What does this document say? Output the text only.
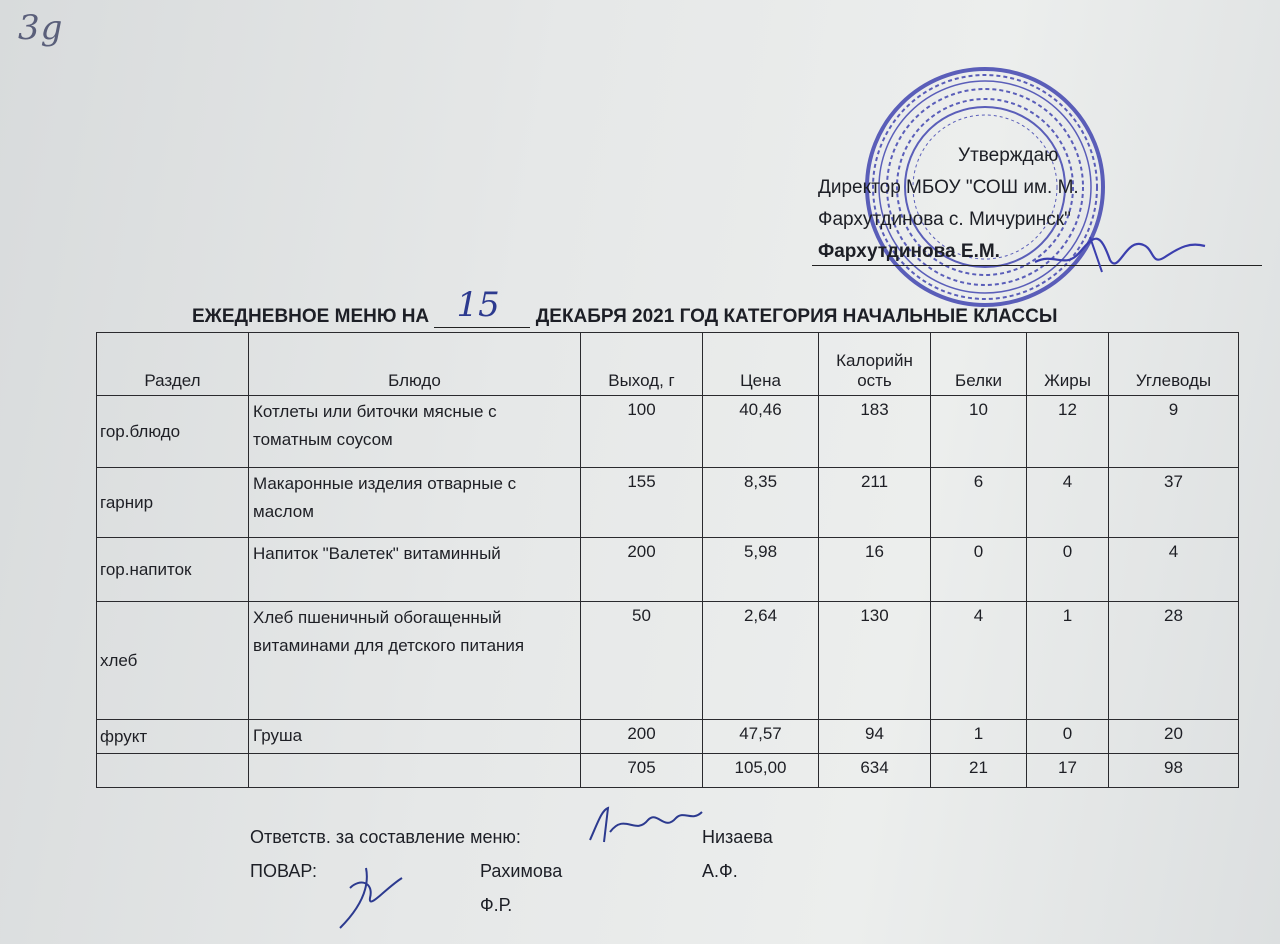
3g
Утверждаю
Директор МБОУ "СОШ им. М.
Фархутдинова с. Мичуринск"
Фархутдинова Е.М.
ЕЖЕДНЕВНОЕ МЕНЮ НА 15 ДЕКАБРЯ 2021 ГОД КАТЕГОРИЯ НАЧАЛЬНЫЕ КЛАССЫ
Раздел	Блюдо	Выход, г	Цена	Калорийн ость	Белки	Жиры	Углеводы
гор.блюдо	Котлеты или биточки мясные с томатным соусом	100	40,46	183	10	12	9
гарнир	Макаронные изделия отварные с маслом	155	8,35	211	6	4	37
гор.напиток	Напиток "Валетек" витаминный	200	5,98	16	0	0	4
хлеб	Хлеб пшеничный обогащенный витаминами для детского питания	50	2,64	130	4	1	28
фрукт	Груша	200	47,57	94	1	0	20
		705	105,00	634	21	17	98
Ответств. за составление меню:	Низаева А.Ф.
ПОВАР:	Рахимова Ф.Р.
